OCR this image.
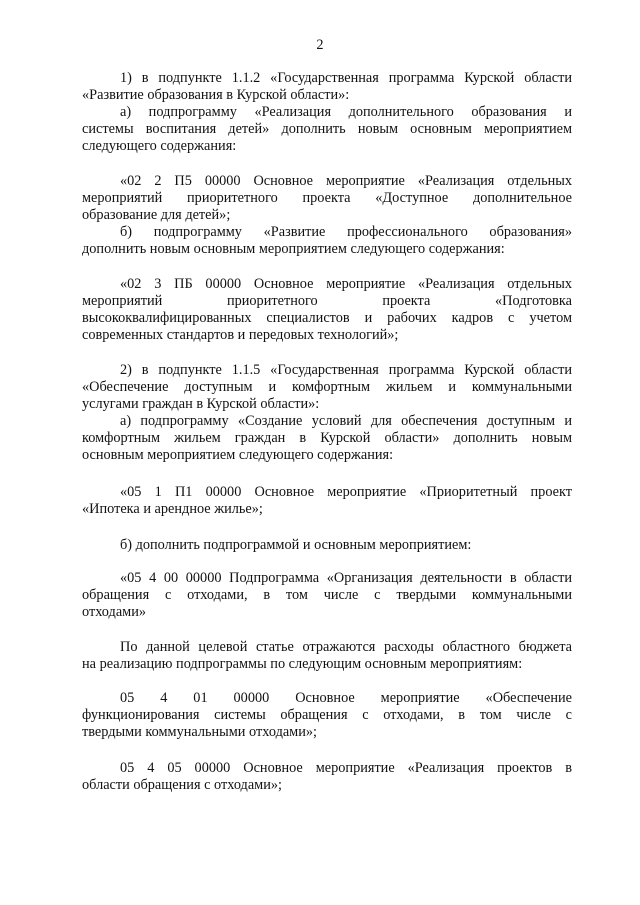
2
1) в подпункте 1.1.2 «Государственная программа Курской области
«Развитие образования в Курской области»:
а) подпрограмму «Реализация дополнительного образования и
системы воспитания детей» дополнить новым основным мероприятием
следующего содержания:
«02 2 П5 00000 Основное мероприятие «Реализация отдельных
мероприятий приоритетного проекта «Доступное дополнительное
образование для детей»;
б) подпрограмму «Развитие профессионального образования»
дополнить новым основным мероприятием следующего содержания:
«02 3 ПБ 00000 Основное мероприятие «Реализация отдельных
мероприятий приоритетного проекта «Подготовка
высококвалифицированных специалистов и рабочих кадров с учетом
современных стандартов и передовых технологий»;
2) в подпункте 1.1.5 «Государственная программа Курской области
«Обеспечение доступным и комфортным жильем и коммунальными
услугами граждан в Курской области»:
а) подпрограмму «Создание условий для обеспечения доступным и
комфортным жильем граждан в Курской области» дополнить новым
основным мероприятием следующего содержания:
«05 1 П1 00000 Основное мероприятие «Приоритетный проект
«Ипотека и арендное жилье»;
б) дополнить подпрограммой и основным мероприятием:
«05 4 00 00000 Подпрограмма «Организация деятельности в области
обращения с отходами, в том числе с твердыми коммунальными
отходами»
По данной целевой статье отражаются расходы областного бюджета
на реализацию подпрограммы по следующим основным мероприятиям:
05 4 01 00000 Основное мероприятие «Обеспечение
функционирования системы обращения с отходами, в том числе с
твердыми коммунальными отходами»;
05 4 05 00000 Основное мероприятие «Реализация проектов в
области обращения с отходами»;
